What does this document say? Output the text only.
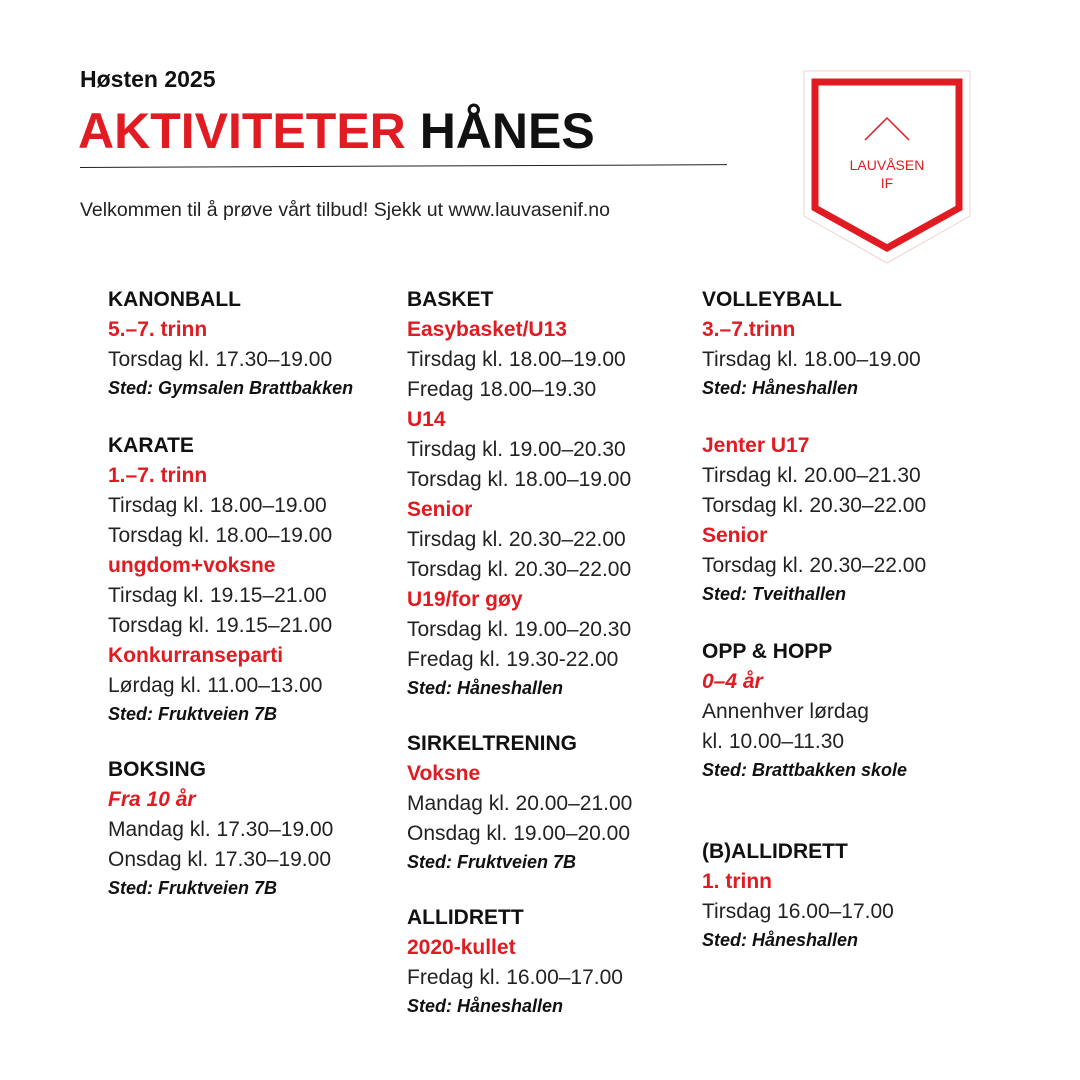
Høsten 2025
AKTIVITETER HÅNES

Velkommen til å prøve vårt tilbud! Sjekk ut www.lauvasenif.no

LAUVÅSEN
IF
KANONBALL
5.–7. trinn
Torsdag kl. 17.30–19.00
Sted: Gymsalen Brattbakken
KARATE
1.–7. trinn
Tirsdag kl. 18.00–19.00
Torsdag kl. 18.00–19.00
ungdom+voksne
Tirsdag kl. 19.15–21.00
Torsdag kl. 19.15–21.00
Konkurranseparti
Lørdag kl. 11.00–13.00
Sted: Fruktveien 7B
BOKSING
Fra 10 år
Mandag kl. 17.30–19.00
Onsdag kl. 17.30–19.00
Sted: Fruktveien 7B
BASKET
Easybasket/U13
Tirsdag kl. 18.00–19.00
Fredag 18.00–19.30
U14
Tirsdag kl. 19.00–20.30
Torsdag kl. 18.00–19.00
Senior
Tirsdag kl. 20.30–22.00
Torsdag kl. 20.30–22.00
U19/for gøy
Torsdag kl. 19.00–20.30
Fredag kl. 19.30-22.00
Sted: Håneshallen
SIRKELTRENING
Voksne
Mandag kl. 20.00–21.00
Onsdag kl. 19.00–20.00
Sted: Fruktveien 7B
ALLIDRETT
2020-kullet
Fredag kl. 16.00–17.00
Sted: Håneshallen
VOLLEYBALL
3.–7.trinn
Tirsdag kl. 18.00–19.00
Sted: Håneshallen
Jenter U17
Tirsdag kl. 20.00–21.30
Torsdag kl. 20.30–22.00
Senior
Torsdag kl. 20.30–22.00
Sted: Tveithallen
OPP & HOPP
0–4 år
Annenhver lørdag
kl. 10.00–11.30
Sted: Brattbakken skole
(B)ALLIDRETT
1. trinn
Tirsdag 16.00–17.00
Sted: Håneshallen
